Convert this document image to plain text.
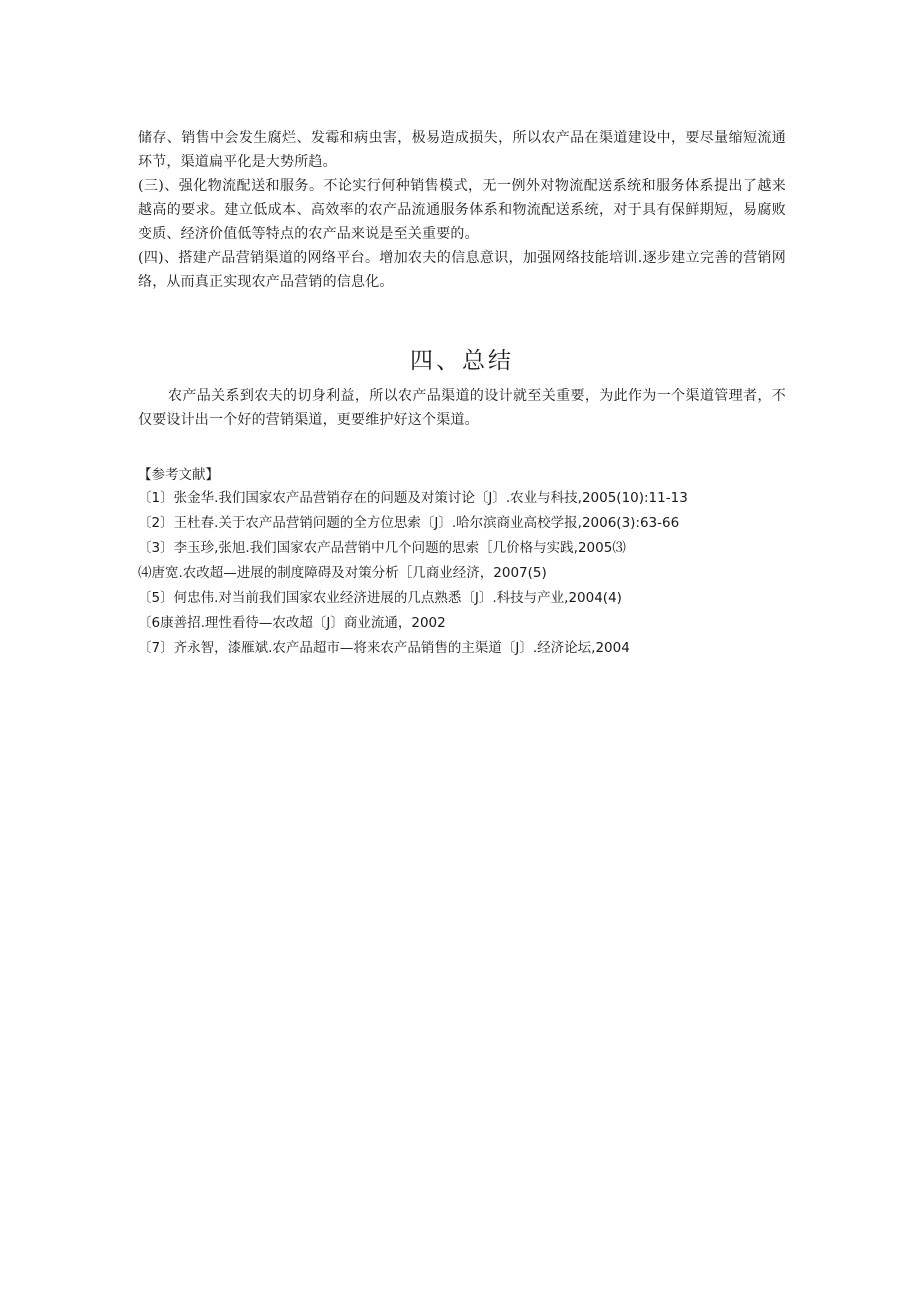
储存、销售中会发生腐烂、发霉和病虫害，极易造成损失，所以农产品在渠道建设中，要尽量缩短流通环节，渠道扁平化是大势所趋。

(三)、强化物流配送和服务。不论实行何种销售模式，无一例外对物流配送系统和服务体系提出了越来越高的要求。建立低成本、高效率的农产品流通服务体系和物流配送系统，对于具有保鲜期短，易腐败变质、经济价值低等特点的农产品来说是至关重要的。

(四)、搭建产品营销渠道的网络平台。增加农夫的信息意识，加强网络技能培训.逐步建立完善的营销网络，从而真正实现农产品营销的信息化。

四、总结

农产品关系到农夫的切身利益，所以农产品渠道的设计就至关重要，为此作为一个渠道管理者，不仅要设计出一个好的营销渠道，更要维护好这个渠道。

【参考文献】
〔1〕张金华.我们国家农产品营销存在的问题及对策讨论〔J〕.农业与科技,2005(10):11-13
〔2〕王杜春.关于农产品营销问题的全方位思索〔J〕.哈尔滨商业高校学报,2006(3):63-66
〔3〕李玉珍,张旭.我们国家农产品营销中几个问题的思索［几价格与实践,2005⑶
⑷唐宽.农改超—进展的制度障碍及对策分析［几商业经济，2007(5)
〔5〕何忠伟.对当前我们国家农业经济进展的几点熟悉〔J〕.科技与产业,2004(4)
〔6康善招.理性看待—农改超〔J〕商业流通，2002
〔7〕齐永智，漆雁斌.农产品超市—将来农产品销售的主渠道〔J〕.经济论坛,2004
